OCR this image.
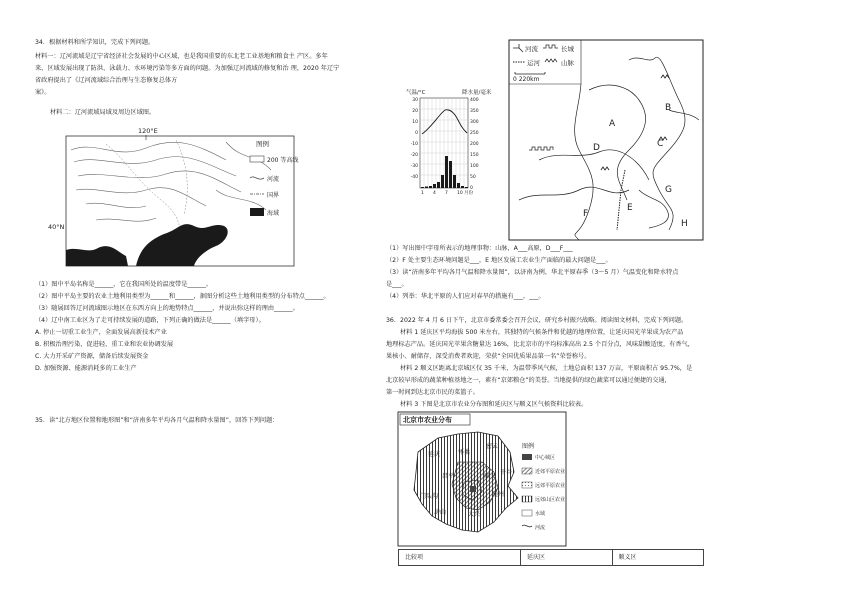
34．根据材料和所学知识，完成下列问题。
材料一：辽河流域是辽宁省经济社会发展的中心区域，也是我国重要的东北老工业基地和粮食主 产区。多年
来，区域发展出现了防洪、泳载力、水环境污染等多方面的问题。为加强辽河流域的修复和治 理，2020 年辽宁
省政府提出了《辽河流域综合治理与生态修复总体方
案》。
材料二：辽河流域局域及周边区域图。
120°E
图例
200 等高线
河流
国界
海域
40°N
（1）图中平岛名称是______，它在我国所处的温度带是______。
（2）图中平岛主要的农业土地利用类型为______和______，据图分析这些土地利用类型的分布特点______。
（3）随展回答辽河流域图示地区在东西方向上的地势特点______，并说出弥这样的理由______。
（4）辽中南工业区为了走可持续发展的道路，下列正确的做法是______（填字母）。
A. 停止一切重工业生产，全面发展高新技术产业
B. 积极治理污染，促进轻、重工业和农业协调发展
C. 大力开采矿产资源，储备后续发展资金
D. 加强资源、能源消耗多的工业生产
35．读“北方地区位置和地形图”和“济南多年平均各月气温和降水量图”，回答下列问题：
气温/°C	降水量/毫米
30
20
10
0
-10
-20
-30
-40
400
350
300
250
200
150
100
50
0
1 4 7 10 月份
河流	长城
运河	山脉
0 220km
A
B
C
D
E
F
G
H
（1）写出图中字母所表示的地理事物：山脉，A___高原，D___F___
（2）F 处主要生态环境问题是___，E 地区发展工农业生产面临的最大问题是___。
（3）读“济南多年平均各月气温和降水量图”，以济南为例，华北平原春季（3～5 月）气温变化和降水特点
是___。
（4）列举：华北平原的人们应对春旱的措施有___，___。
36．2022 年 4 月 6 日下午，北京市委常委会召开会议，研究乡村振兴战略。阅读图文材料，完成下列问题。
材料 1 延庆区平均海拔 500 米左右，其独特的气候条件和优越的地理位置，让延庆国光苹果成为农产品
地理标志产品。延庆国光苹果含糖量达 16%，比北京市的平均标准高出 2.5 个百分点，风味甜酸适度，有香气，
果核小、耐储存，深受消费者欢迎，荣获“全国优质果品第一名”荣誉称号。
材料 2 顺义区距离北京城区仅 35 千米，为温带季风气候，土地总面积 137 万亩，平原面积占 95.7%，是
北京较早形成的蔬菜种植基地之一，素有“京郊粮仓”的美誉。当地提供的绿色蔬菜可以通过便捷的交通，
第一时间到达北京市民的菜篮子。
材料 3 下图是北京市农业分布图和延庆区与顺义区气候资料比较表。
北京市农业分布
延庆	怀柔
密云
昌平	顺义
平谷
门头沟	通州
房山	大兴
图例
中心城区
近郊平原农业
远郊平原农业
远郊山区农业
水域
河流
比较项	延庆区	顺义区
